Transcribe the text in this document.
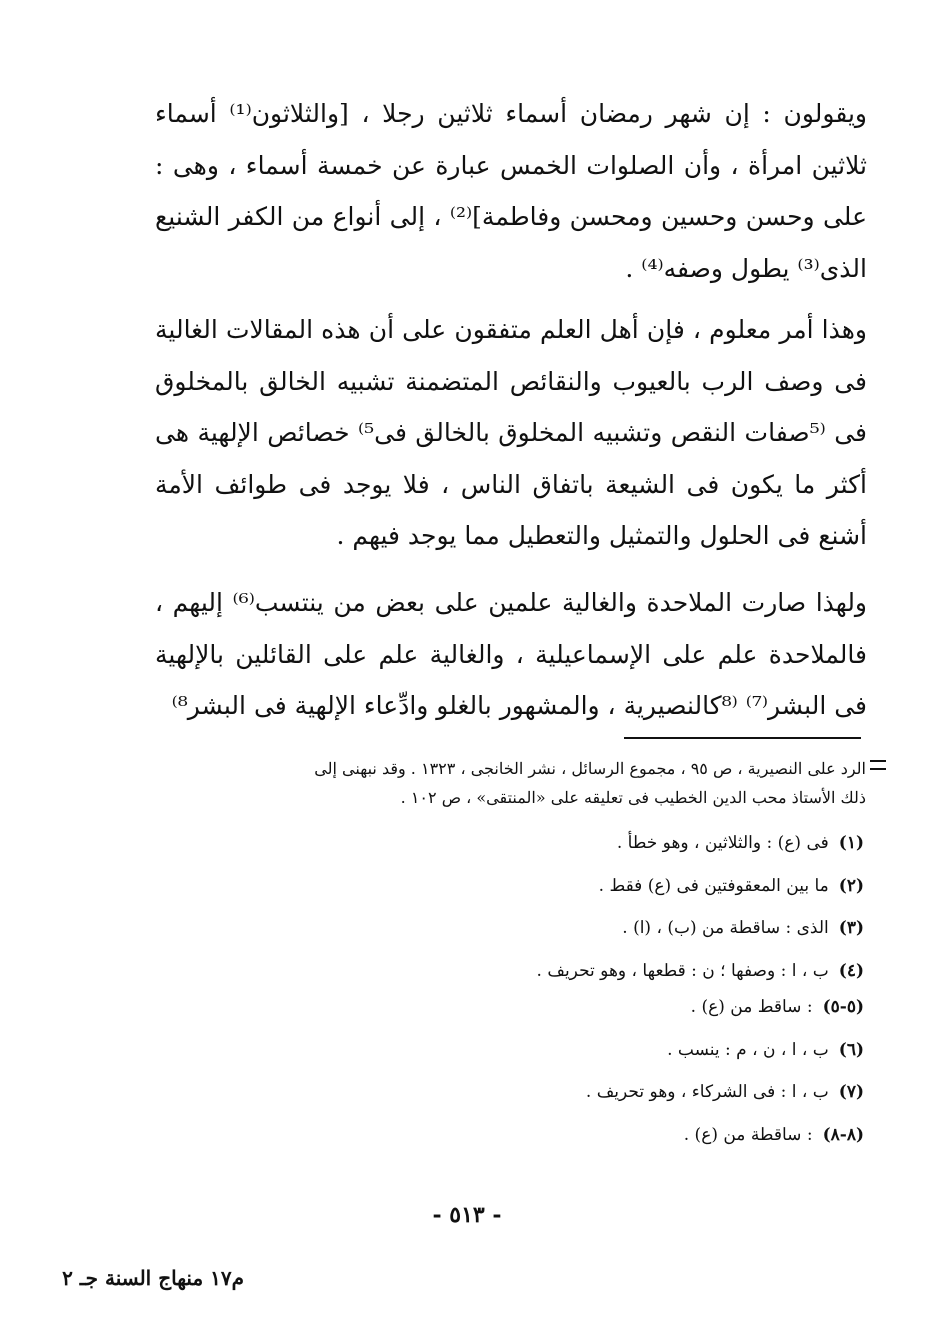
ويقولون : إن شهر رمضان أسماء ثلاثين رجلا ، [والثلاثون⁽¹⁾ أسماء ثلاثين امرأة ، وأن الصلوات الخمس عبارة عن خمسة أسماء ، وهى : على وحسن وحسين ومحسن وفاطمة]⁽²⁾ ، إلى أنواع من الكفر الشنيع الذى⁽³⁾ يطول وصفه⁽⁴⁾ .

وهذا أمر معلوم ، فإن أهل العلم متفقون على أن هذه المقالات الغالية فى وصف الرب بالعيوب والنقائص المتضمنة تشبيه الخالق بالمخلوق فى ⁽⁵صفات النقص وتشبيه المخلوق بالخالق فى⁵⁾ خصائص الإلهية هى أكثر ما يكون فى الشيعة باتفاق الناس ، فلا يوجد فى طوائف الأمة أشنع فى الحلول والتمثيل والتعطيل مما يوجد فيهم .

ولهذا صارت الملاحدة والغالية علمين على بعض من ينتسب⁽⁶⁾ إليهم ، فالملاحدة علم على الإسماعيلية ، والغالية علم على القائلين بالإلهية فى البشر⁽⁷⁾ ⁽⁸كالنصيرية ، والمشهور بالغلو وادِّعاء الإلهية فى البشر⁸⁾

الرد على النصيرية ، ص ٩٥ ، مجموع الرسائل ، نشر الخانجى ، ١٣٢٣ . وقد نبهنى إلى
ذلك الأستاذ محب الدين الخطيب فى تعليقه على «المنتقى» ، ص ١٠٢ .
(١)فى (ع) : والثلاثين ، وهو خطأ .
(٢)ما بين المعقوفتين فى (ع) فقط .
(٣)الذى : ساقطة من (ب) ، (ا) .
(٤)ب ، ا : وصفها ؛ ن : قطعها ، وهو تحريف .
(٥-٥): ساقط من (ع) .
(٦)ب ، ا ، ن ، م : ينسب .
(٧)ب ، ا : فى الشركاء ، وهو تحريف .
(٨-٨): ساقطة من (ع) .
- ٥١٣ -
م١٧ منهاج السنة جـ ٢
